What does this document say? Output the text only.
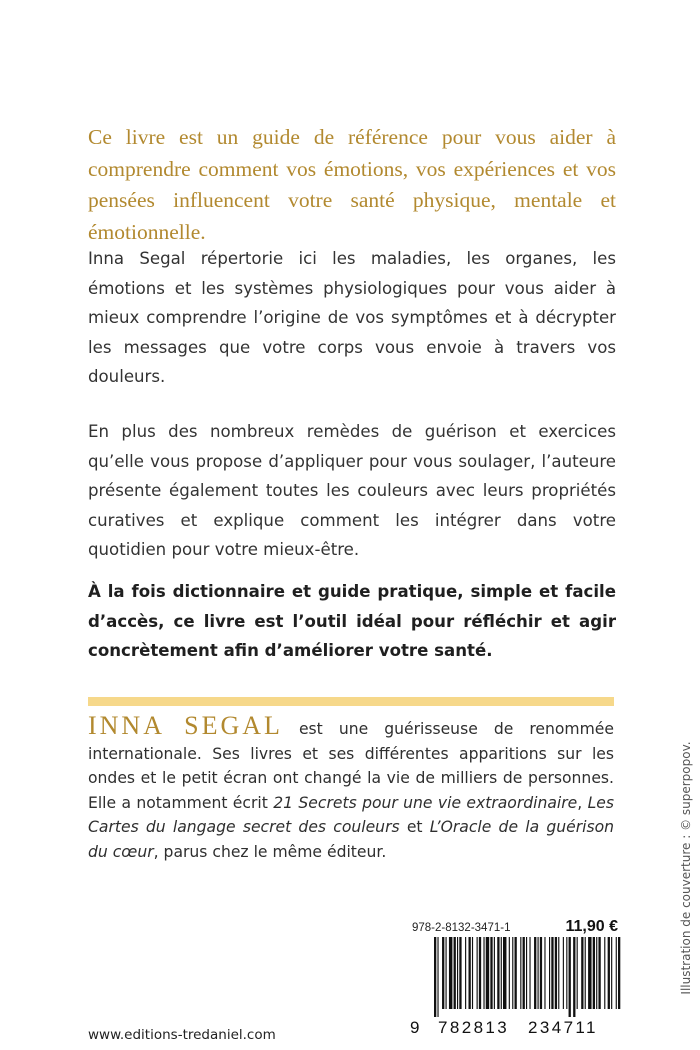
Ce livre est un guide de référence pour vous aider à comprendre comment vos émotions, vos expériences et vos pensées influencent votre santé physique, mentale et émotionnelle.

Inna Segal répertorie ici les maladies, les organes, les émotions et les systèmes physiologiques pour vous aider à mieux comprendre l’origine de vos symptômes et à décrypter les messages que votre corps vous envoie à travers vos douleurs.

En plus des nombreux remèdes de guérison et exercices qu’elle vous propose d’appliquer pour vous soulager, l’auteure présente également toutes les couleurs avec leurs propriétés curatives et explique comment les intégrer dans votre quotidien pour votre mieux-être.

À la fois dictionnaire et guide pratique, simple et facile d’accès, ce livre est l’outil idéal pour réfléchir et agir concrètement afin d’améliorer votre santé.

INNA SEGAL est une guérisseuse de renommée internationale. Ses livres et ses différentes apparitions sur les ondes et le petit écran ont changé la vie de milliers de personnes. Elle a notamment écrit 21 Secrets pour une vie extraordinaire, Les Cartes du langage secret des couleurs et L’Oracle de la guérison du cœur, parus chez le même éditeur.

978-2-8132-3471-1	11,90 €
9 782813 234711
www.editions-tredaniel.com
Illustration de couverture : © superpopov.
